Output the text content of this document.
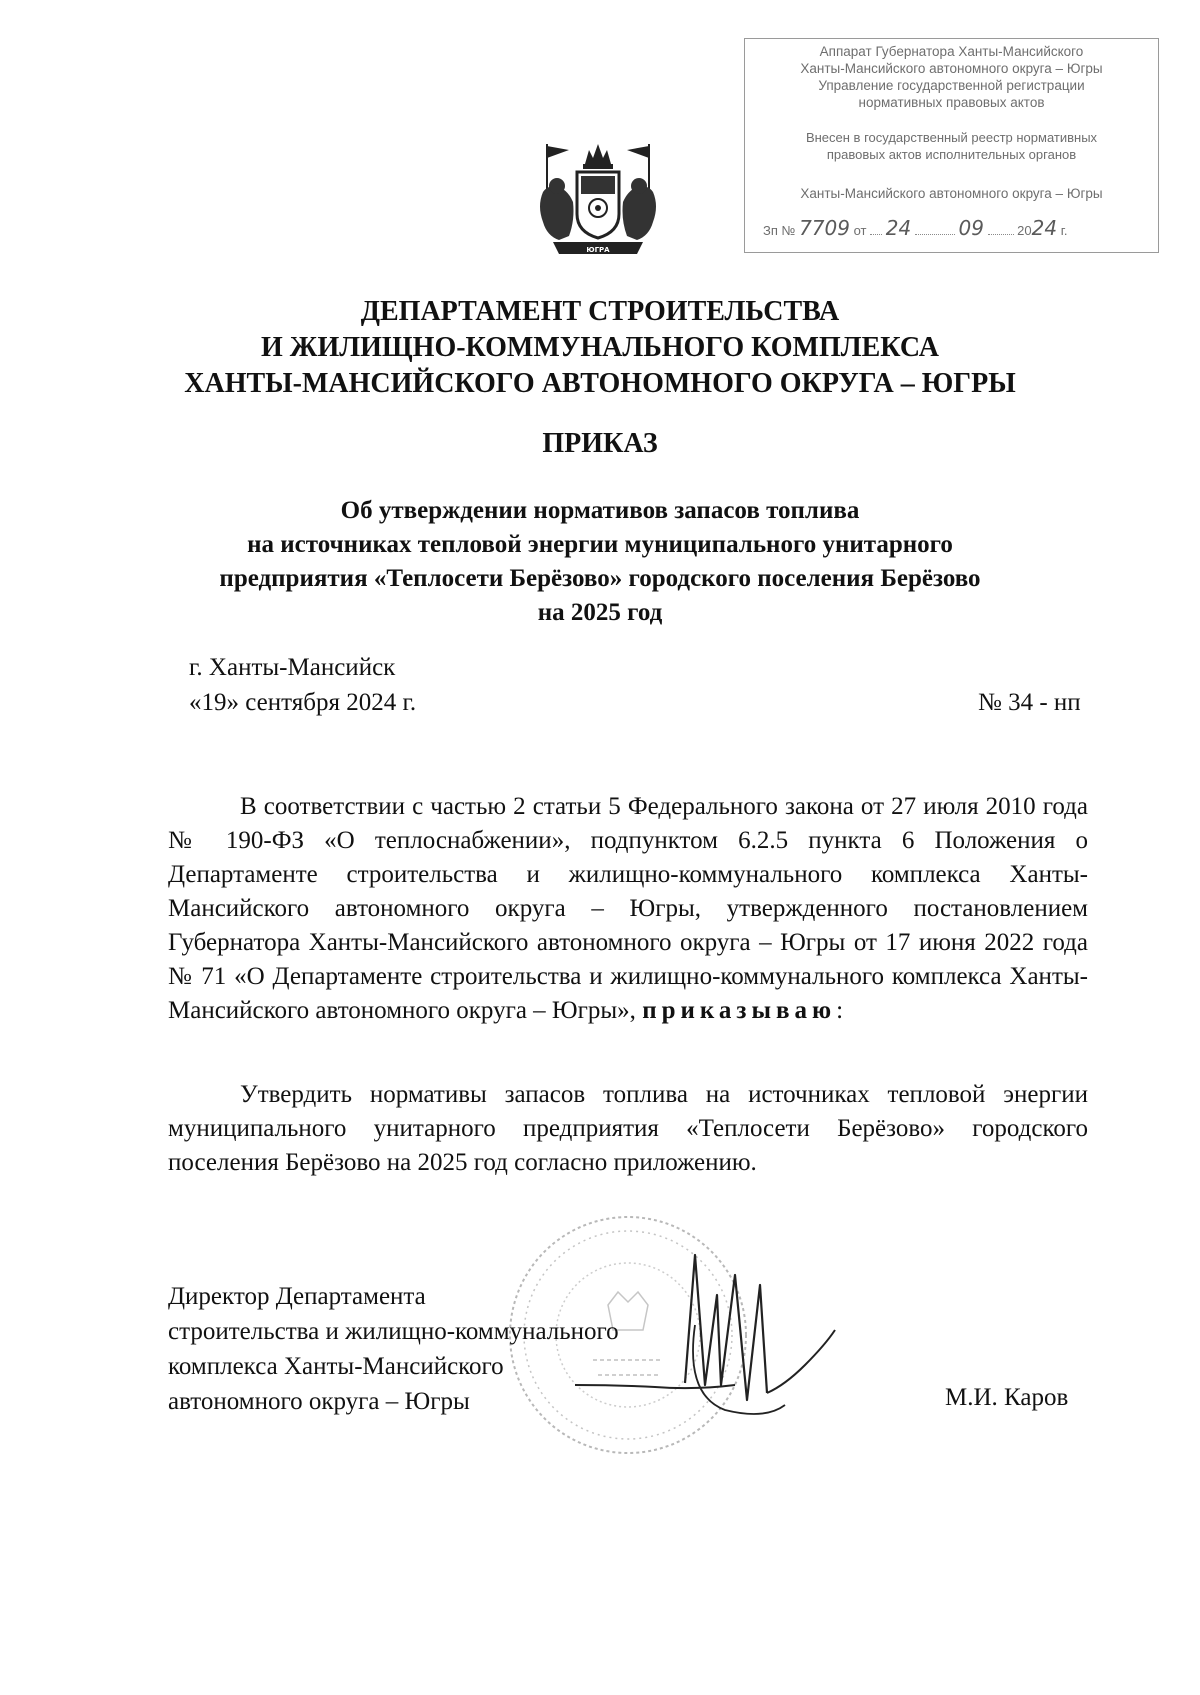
ЮГРА
Аппарат Губернатора Ханты-Мансийского
Ханты-Мансийского автономного округа – Югры
Управление государственной регистрации
нормативных правовых актов
Внесен в государственный реестр нормативных
правовых актов исполнительных органов
Ханты-Мансийского автономного округа – Югры
Зп № 7709 от 24 09	2024 г.
ДЕПАРТАМЕНТ СТРОИТЕЛЬСТВА
И ЖИЛИЩНО-КОММУНАЛЬНОГО КОМПЛЕКСА
ХАНТЫ-МАНСИЙСКОГО АВТОНОМНОГО ОКРУГА – ЮГРЫ
ПРИКАЗ
Об утверждении нормативов запасов топлива
на источниках тепловой энергии муниципального унитарного
предприятия «Теплосети Берёзово» городского поселения Берёзово
на 2025 год
г. Ханты-Мансийск
«19» сентября 2024 г.	№ 34 - нп
В соответствии с частью 2 статьи 5 Федерального закона от 27 июля 2010 года № 190-ФЗ «О теплоснабжении», подпунктом 6.2.5 пункта 6 Положения о Департаменте строительства и жилищно-коммунального комплекса Ханты-Мансийского автономного округа – Югры, утвержденного постановлением Губернатора Ханты-Мансийского автономного округа – Югры от 17 июня 2022 года № 71 «О Департаменте строительства и жилищно-коммунального комплекса Ханты-Мансийского автономного округа – Югры», приказываю:
Утвердить нормативы запасов топлива на источниках тепловой энергии муниципального унитарного предприятия «Теплосети Берёзово» городского поселения Берёзово на 2025 год согласно приложению.
Директор Департамента
строительства и жилищно-коммунального
комплекса Ханты-Мансийского
автономного округа – Югры	М.И. Каров
